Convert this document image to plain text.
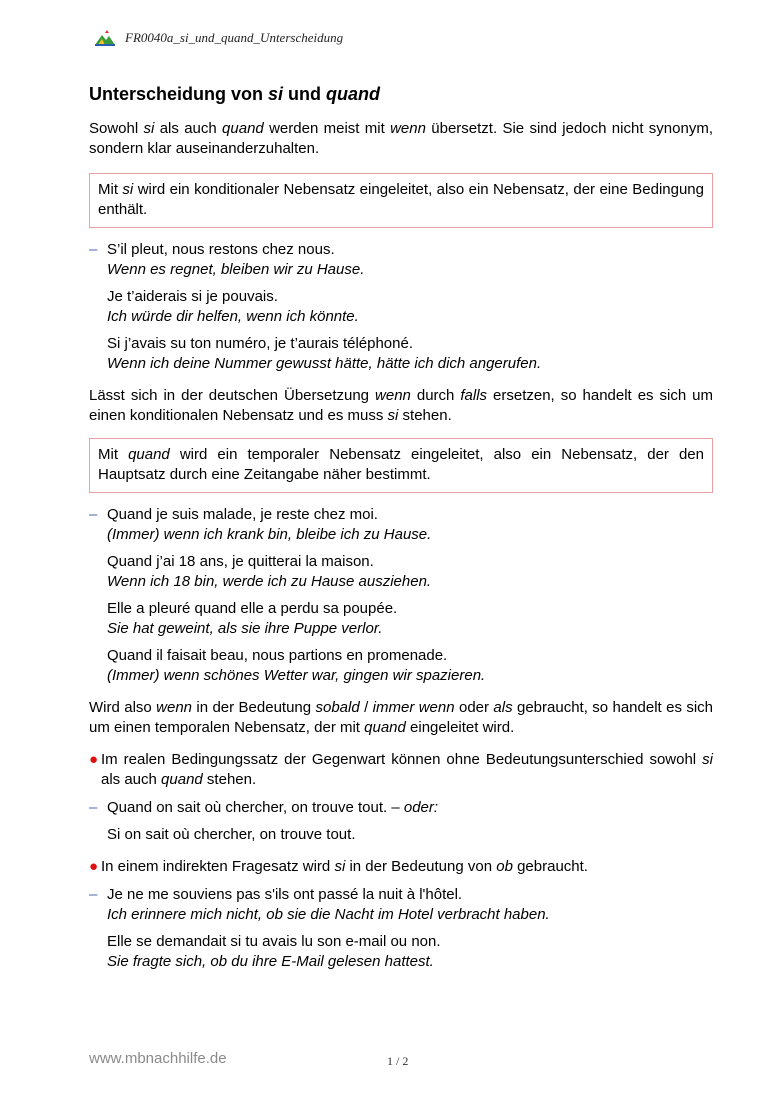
FR0040a_si_und_quand_Unterscheidung
Unterscheidung von si und quand

Sowohl si als auch quand werden meist mit wenn übersetzt. Sie sind jedoch nicht synonym, sondern klar auseinanderzuhalten.

Mit si wird ein konditionaler Nebensatz eingeleitet, also ein Nebensatz, der eine Bedingung enthält.

– S’il pleut, nous restons chez nous.
Wenn es regnet, bleiben wir zu Hause.
Je t’aiderais si je pouvais.
Ich würde dir helfen, wenn ich könnte.
Si j’avais su ton numéro, je t’aurais téléphoné.
Wenn ich deine Nummer gewusst hätte, hätte ich dich angerufen.

Lässt sich in der deutschen Übersetzung wenn durch falls ersetzen, so handelt es sich um einen konditionalen Nebensatz und es muss si stehen.

Mit quand wird ein temporaler Nebensatz eingeleitet, also ein Nebensatz, der den Hauptsatz durch eine Zeitangabe näher bestimmt.

– Quand je suis malade, je reste chez moi.
(Immer) wenn ich krank bin, bleibe ich zu Hause.
Quand j’ai 18 ans, je quitterai la maison.
Wenn ich 18 bin, werde ich zu Hause ausziehen.
Elle a pleuré quand elle a perdu sa poupée.
Sie hat geweint, als sie ihre Puppe verlor.
Quand il faisait beau, nous partions en promenade.
(Immer) wenn schönes Wetter war, gingen wir spazieren.

Wird also wenn in der Bedeutung sobald / immer wenn oder als gebraucht, so handelt es sich um einen temporalen Nebensatz, der mit quand eingeleitet wird.

● Im realen Bedingungssatz der Gegenwart können ohne Bedeutungsunterschied sowohl si als auch quand stehen.
– Quand on sait où chercher, on trouve tout. – oder:
Si on sait où chercher, on trouve tout.
● In einem indirekten Fragesatz wird si in der Bedeutung von ob gebraucht.
– Je ne me souviens pas s'ils ont passé la nuit à l'hôtel.
Ich erinnere mich nicht, ob sie die Nacht im Hotel verbracht haben.
Elle se demandait si tu avais lu son e-mail ou non.
Sie fragte sich, ob du ihre E-Mail gelesen hattest.
www.mbnachhilfe.de	1 / 2
